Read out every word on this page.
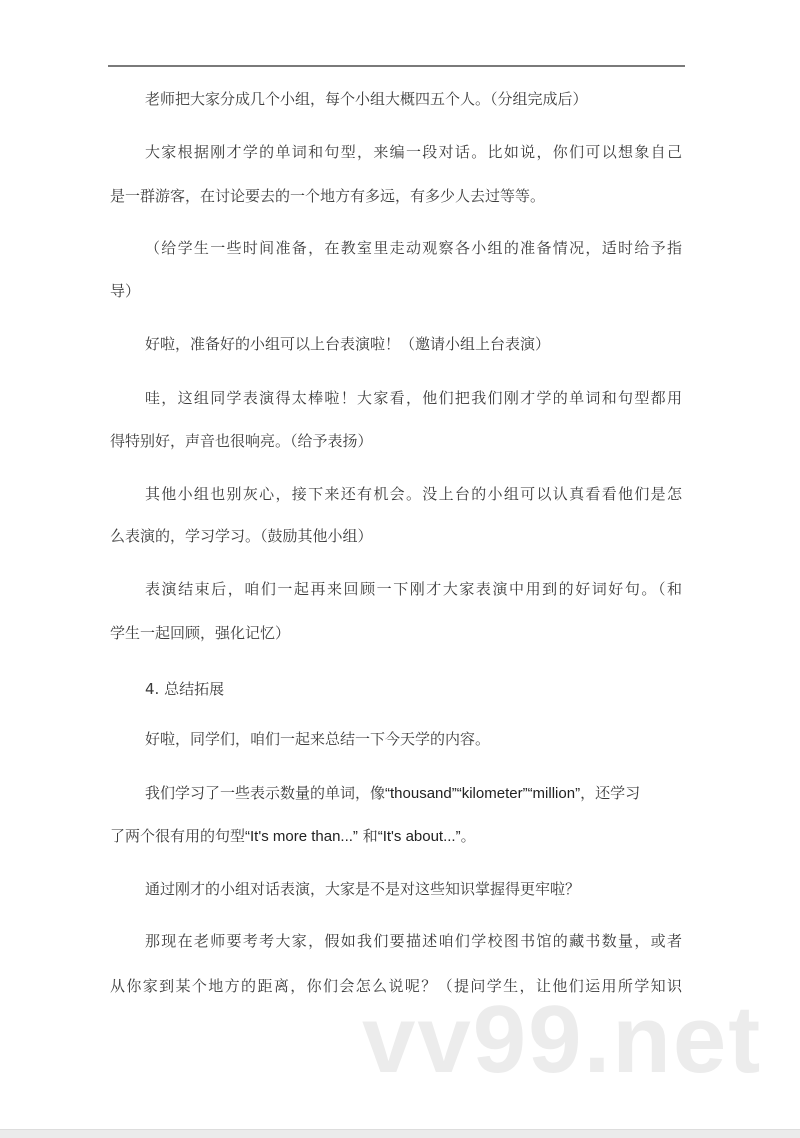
老师把大家分成几个小组，每个小组大概四五个人。（分组完成后）
大家根据刚才学的单词和句型，来编一段对话。比如说，你们可以想象自己
是一群游客，在讨论要去的一个地方有多远，有多少人去过等等。
（给学生一些时间准备，在教室里走动观察各小组的准备情况，适时给予指
导）
好啦，准备好的小组可以上台表演啦！（邀请小组上台表演）
哇，这组同学表演得太棒啦！大家看，他们把我们刚才学的单词和句型都用
得特别好，声音也很响亮。（给予表扬）
其他小组也别灰心，接下来还有机会。没上台的小组可以认真看看他们是怎
么表演的，学习学习。（鼓励其他小组）
表演结束后，咱们一起再来回顾一下刚才大家表演中用到的好词好句。（和
学生一起回顾，强化记忆）
4. 总结拓展
好啦，同学们，咱们一起来总结一下今天学的内容。
我们学习了一些表示数量的单词，像“thousand”“kilometer”“million”，还学习
了两个很有用的句型“It's more than...” 和“It's about...”。
通过刚才的小组对话表演，大家是不是对这些知识掌握得更牢啦？
那现在老师要考考大家，假如我们要描述咱们学校图书馆的藏书数量，或者
从你家到某个地方的距离，你们会怎么说呢？（提问学生，让他们运用所学知识
vv99.net
